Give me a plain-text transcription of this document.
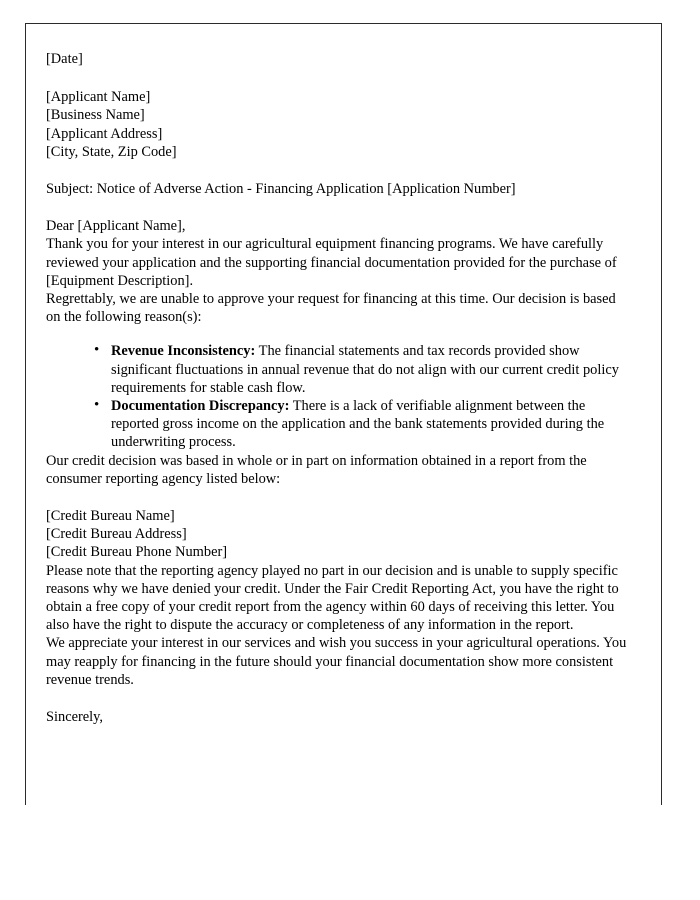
[Date]
[Applicant Name]
[Business Name]
[Applicant Address]
[City, State, Zip Code]
Subject: Notice of Adverse Action - Financing Application [Application Number]
Dear [Applicant Name],

Thank you for your interest in our agricultural equipment financing programs. We have carefully reviewed your application and the supporting financial documentation provided for the purchase of [Equipment Description].

Regrettably, we are unable to approve your request for financing at this time. Our decision is based on the following reason(s):

• Revenue Inconsistency: The financial statements and tax records provided show significant fluctuations in annual revenue that do not align with our current credit policy requirements for stable cash flow.
• Documentation Discrepancy: There is a lack of verifiable alignment between the reported gross income on the application and the bank statements provided during the underwriting process.

Our credit decision was based in whole or in part on information obtained in a report from the consumer reporting agency listed below:

[Credit Bureau Name]
[Credit Bureau Address]
[Credit Bureau Phone Number]

Please note that the reporting agency played no part in our decision and is unable to supply specific reasons why we have denied your credit. Under the Fair Credit Reporting Act, you have the right to obtain a free copy of your credit report from the agency within 60 days of receiving this letter. You also have the right to dispute the accuracy or completeness of any information in the report.

We appreciate your interest in our services and wish you success in your agricultural operations. You may reapply for financing in the future should your financial documentation show more consistent revenue trends.

Sincerely,
